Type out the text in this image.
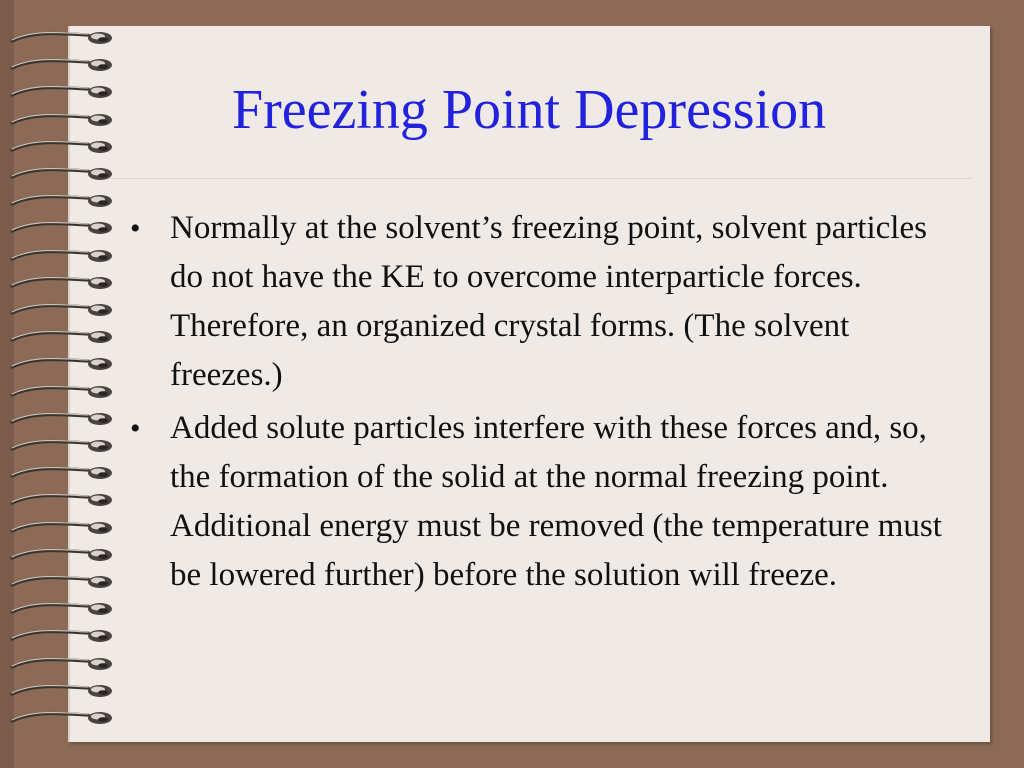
Freezing Point Depression
• Normally at the solvent’s freezing point, solvent particles do not have the KE to overcome interparticle forces. Therefore, an organized crystal forms. (The solvent freezes.)
• Added solute particles interfere with these forces and, so, the formation of the solid at the normal freezing point. Additional energy must be removed (the temperature must be lowered further) before the solution will freeze.
